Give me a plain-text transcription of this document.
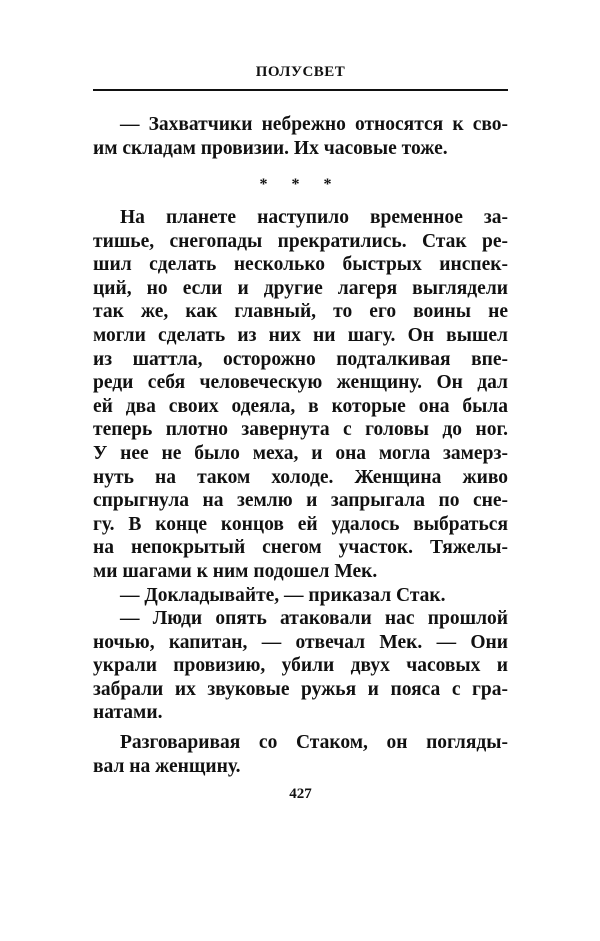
ПОЛУСВЕТ
— Захватчики небрежно относятся к сво-
им складам провизии. Их часовые тоже.
* * *
На планете наступило временное за-
тишье, снегопады прекратились. Стак ре-
шил сделать несколько быстрых инспек-
ций, но если и другие лагеря выглядели
так же, как главный, то его воины не
могли сделать из них ни шагу. Он вышел
из шаттла, осторожно подталкивая впе-
реди себя человеческую женщину. Он дал
ей два своих одеяла, в которые она была
теперь плотно завернута с головы до ног.
У нее не было меха, и она могла замерз-
нуть на таком холоде. Женщина живо
спрыгнула на землю и запрыгала по сне-
гу. В конце концов ей удалось выбраться
на непокрытый снегом участок. Тяжелы-
ми шагами к ним подошел Мек.
— Докладывайте, — приказал Стак.
— Люди опять атаковали нас прошлой
ночью, капитан, — отвечал Мек. — Они
украли провизию, убили двух часовых и
забрали их звуковые ружья и пояса с гра-
натами.
Разговаривая со Стаком, он погляды-
вал на женщину.
427
